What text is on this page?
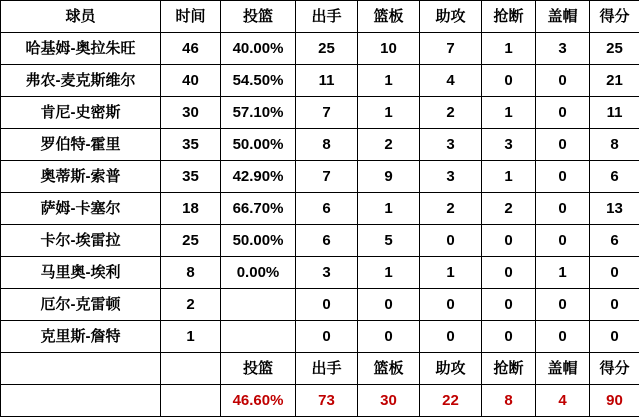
球员	时间	投篮	出手	篮板	助攻	抢断	盖帽	得分
哈基姆-奥拉朱旺	46	40.00%	25	10	7	1	3	25
弗农-麦克斯维尔	40	54.50%	11	1	4	0	0	21
肯尼-史密斯	30	57.10%	7	1	2	1	0	11
罗伯特-霍里	35	50.00%	8	2	3	3	0	8
奥蒂斯-索普	35	42.90%	7	9	3	1	0	6
萨姆-卡塞尔	18	66.70%	6	1	2	2	0	13
卡尔-埃雷拉	25	50.00%	6	5	0	0	0	6
马里奥-埃利	8	0.00%	3	1	1	0	1	0
厄尔-克雷顿	2		0	0	0	0	0	0
克里斯-詹特	1		0	0	0	0	0	0
		投篮	出手	篮板	助攻	抢断	盖帽	得分
		46.60%	73	30	22	8	4	90
